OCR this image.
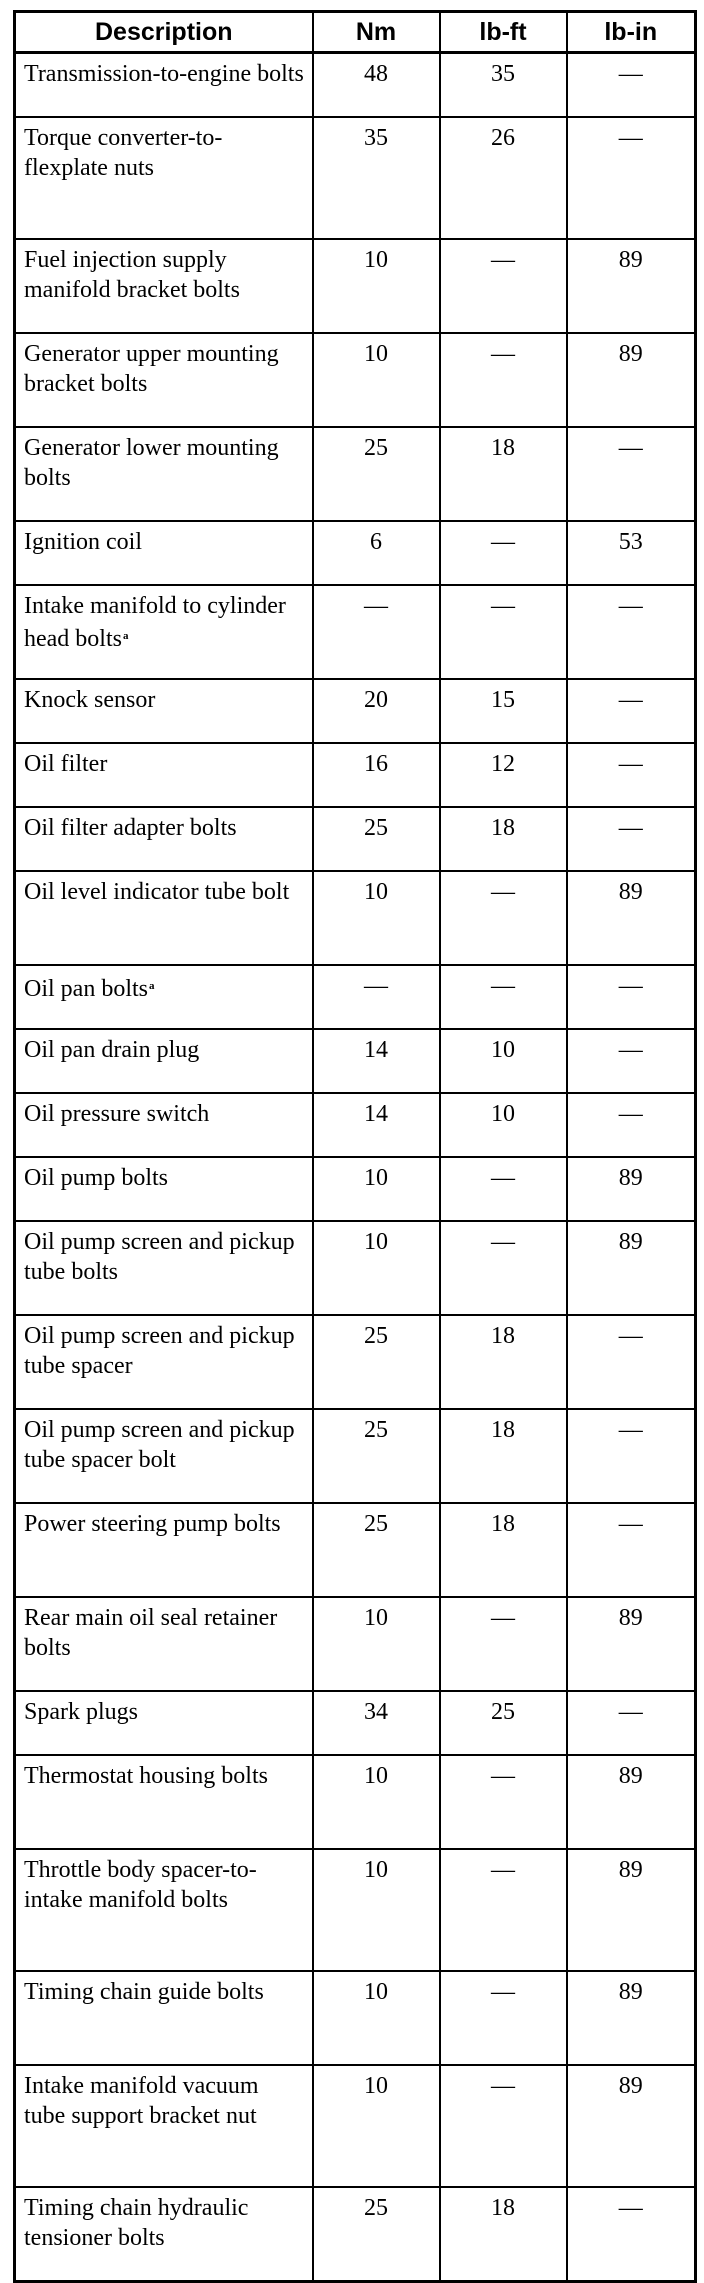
Description	Nm	lb-ft	lb-in
Transmission-to-engine bolts	48	35	—
Torque converter-to-flexplate nuts	35	26	—
Fuel injection supply manifold bracket bolts	10	—	89
Generator upper mounting bracket bolts	10	—	89
Generator lower mounting bolts	25	18	—
Ignition coil	6	—	53
Intake manifold to cylinder head bolts$^a$	—	—	—
Knock sensor	20	15	—
Oil filter	16	12	—
Oil filter adapter bolts	25	18	—
Oil level indicator tube bolt	10	—	89
Oil pan bolts$^a$	—	—	—
Oil pan drain plug	14	10	—
Oil pressure switch	14	10	—
Oil pump bolts	10	—	89
Oil pump screen and pickup tube bolts	10	—	89
Oil pump screen and pickup tube spacer	25	18	—
Oil pump screen and pickup tube spacer bolt	25	18	—
Power steering pump bolts	25	18	—
Rear main oil seal retainer bolts	10	—	89
Spark plugs	34	25	—
Thermostat housing bolts	10	—	89
Throttle body spacer-to-intake manifold bolts	10	—	89
Timing chain guide bolts	10	—	89
Intake manifold vacuum tube support bracket nut	10	—	89
Timing chain hydraulic tensioner bolts	25	18	—
